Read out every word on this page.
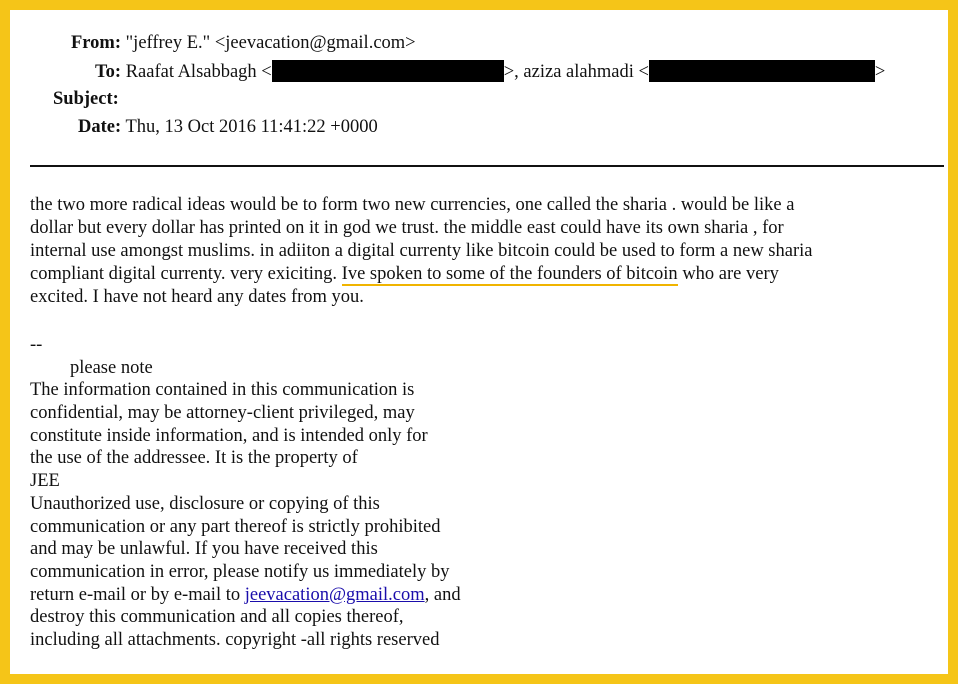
From: "jeffrey E." <jeevacation@gmail.com>
To: Raafat Alsabbagh <	>, aziza alahmadi <	>
Subject:
Date: Thu, 13 Oct 2016 11:41:22 +0000
the two more radical ideas would be to form two new currencies, one called the sharia . would be like a
dollar but every dollar has printed on it in god we trust. the middle east could have its own sharia , for
internal use amongst muslims. in adiiton a digital currenty like bitcoin could be used to form a new sharia
compliant digital currenty. very exiciting. Ive spoken to some of the founders of bitcoin who are very
excited. I have not heard any dates from you.
--
please note
The information contained in this communication is
confidential, may be attorney-client privileged, may
constitute inside information, and is intended only for
the use of the addressee. It is the property of
JEE
Unauthorized use, disclosure or copying of this
communication or any part thereof is strictly prohibited
and may be unlawful. If you have received this
communication in error, please notify us immediately by
return e-mail or by e-mail to jeevacation@gmail.com, and
destroy this communication and all copies thereof,
including all attachments. copyright -all rights reserved
